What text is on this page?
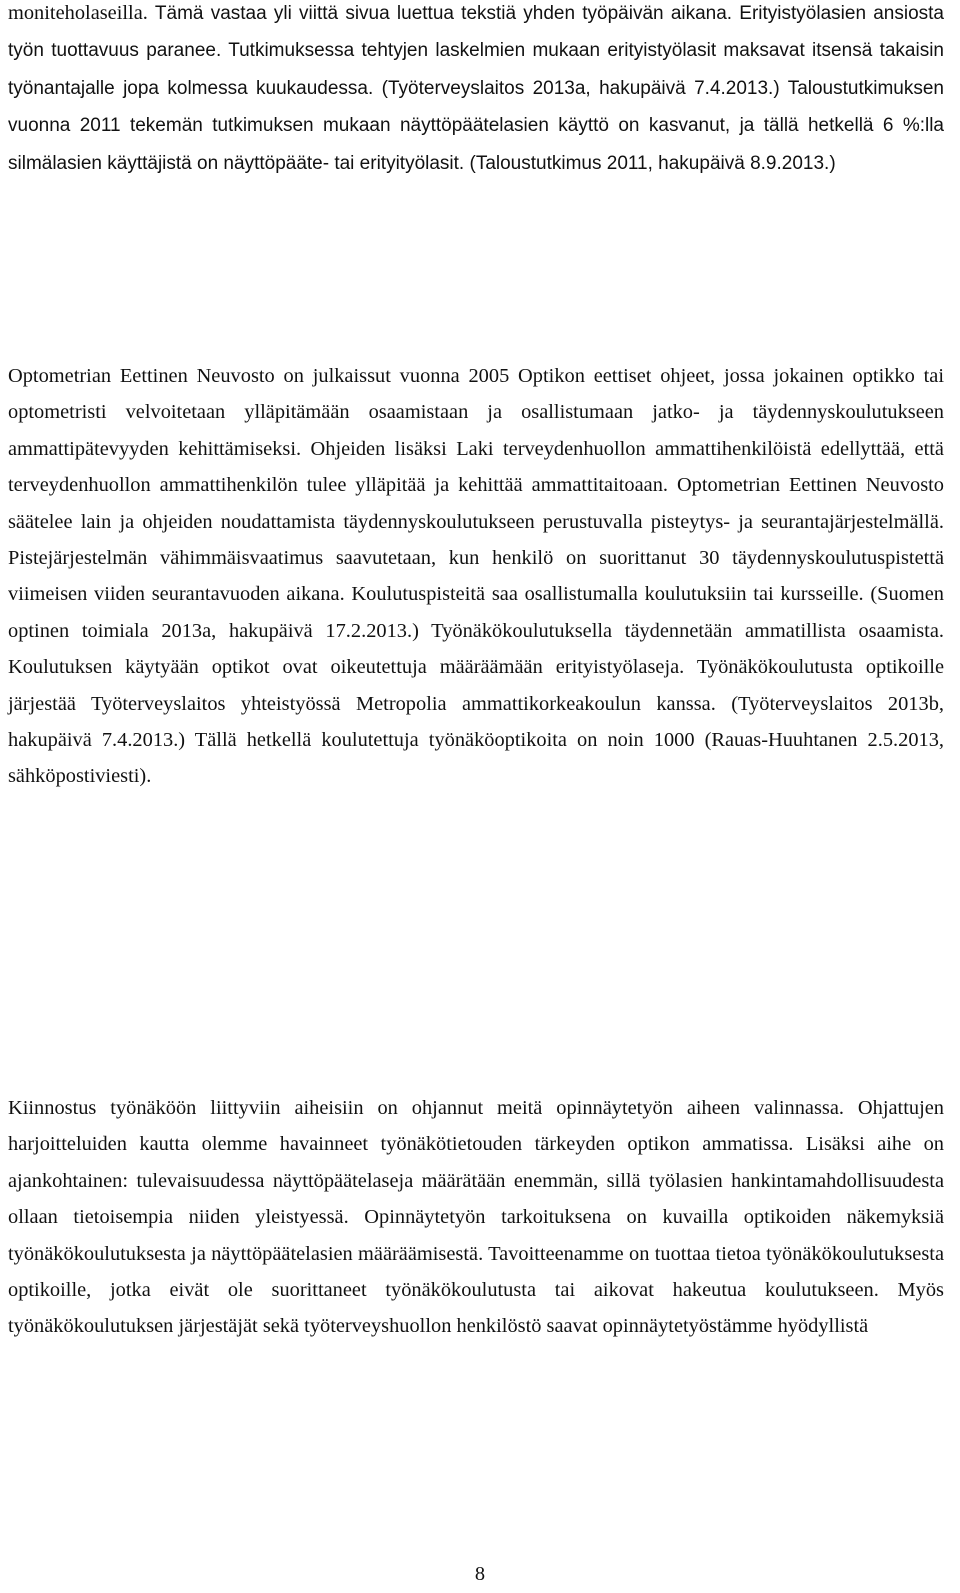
moniteholaseilla. Tämä vastaa yli viittä sivua luettua tekstiä yhden työpäivän aikana. Erityistyölasien ansiosta työn tuottavuus paranee. Tutkimuksessa tehtyjen laskelmien mukaan erityistyölasit maksavat itsensä takaisin työnantajalle jopa kolmessa kuukaudessa. (Työterveyslaitos 2013a, hakupäivä 7.4.2013.) Taloustutkimuksen vuonna 2011 tekemän tutkimuksen mukaan näyttöpäätelasien käyttö on kasvanut, ja tällä hetkellä 6 %:lla silmälasien käyttäjistä on näyttöpääte- tai erityityölasit. (Taloustutkimus 2011, hakupäivä 8.9.2013.)

Optometrian Eettinen Neuvosto on julkaissut vuonna 2005 Optikon eettiset ohjeet, jossa jokainen optikko tai optometristi velvoitetaan ylläpitämään osaamistaan ja osallistumaan jatko- ja täydennyskoulutukseen ammattipätevyyden kehittämiseksi. Ohjeiden lisäksi Laki terveydenhuollon ammattihenkilöistä edellyttää, että terveydenhuollon ammattihenkilön tulee ylläpitää ja kehittää ammattitaitoaan. Optometrian Eettinen Neuvosto säätelee lain ja ohjeiden noudattamista täydennyskoulutukseen perustuvalla pisteytys- ja seurantajärjestelmällä. Pistejärjestelmän vähimmäisvaatimus saavutetaan, kun henkilö on suorittanut 30 täydennyskoulutuspistettä viimeisen viiden seurantavuoden aikana. Koulutuspisteitä saa osallistumalla koulutuksiin tai kursseille. (Suomen optinen toimiala 2013a, hakupäivä 17.2.2013.) Työnäkökoulutuksella täydennetään ammatillista osaamista. Koulutuksen käytyään optikot ovat oikeutettuja määräämään erityistyölaseja. Työnäkökoulutusta optikoille järjestää Työterveyslaitos yhteistyössä Metropolia ammattikorkeakoulun kanssa. (Työterveyslaitos 2013b, hakupäivä 7.4.2013.) Tällä hetkellä koulutettuja työnäköoptikoita on noin 1000 (Rauas-Huuhtanen 2.5.2013, sähköpostiviesti).

Kiinnostus työnäköön liittyviin aiheisiin on ohjannut meitä opinnäytetyön aiheen valinnassa. Ohjattujen harjoitteluiden kautta olemme havainneet työnäkötietouden tärkeyden optikon ammatissa. Lisäksi aihe on ajankohtainen: tulevaisuudessa näyttöpäätelaseja määrätään enemmän, sillä työlasien hankintamahdollisuudesta ollaan tietoisempia niiden yleistyessä. Opinnäytetyön tarkoituksena on kuvailla optikoiden näkemyksiä työnäkökoulutuksesta ja näyttöpäätelasien määräämisestä. Tavoitteenamme on tuottaa tietoa työnäkökoulutuksesta optikoille, jotka eivät ole suorittaneet työnäkökoulutusta tai aikovat hakeutua koulutukseen. Myös työnäkökoulutuksen järjestäjät sekä työterveyshuollon henkilöstö saavat opinnäytetyöstämme hyödyllistä

8
